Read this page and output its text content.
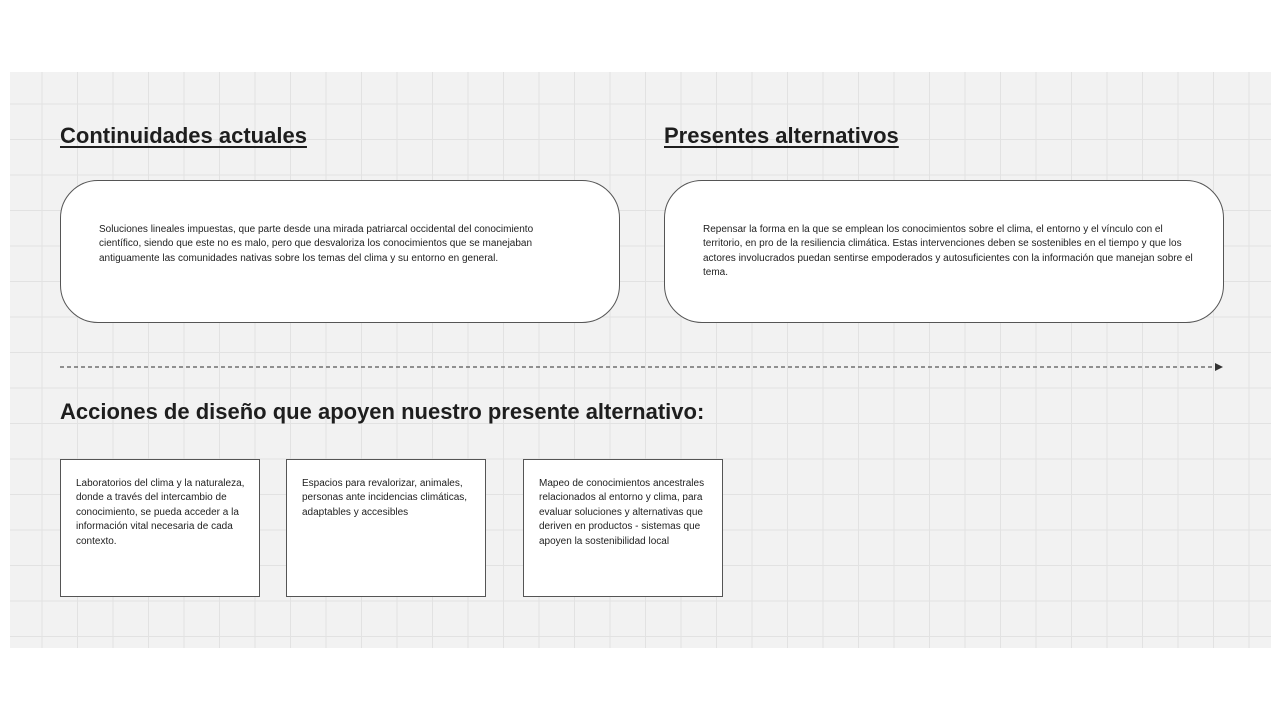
Continuidades actuales	Presentes alternativos

Soluciones lineales impuestas, que parte desde una mirada patriarcal occidental del conocimiento científico, siendo que este no es malo, pero que desvaloriza los conocimientos que se manejaban antiguamente las comunidades nativas sobre los temas del clima y su entorno en general.

Repensar la forma en la que se emplean los conocimientos sobre el clima, el entorno y el vínculo con el territorio, en pro de la resiliencia climática. Estas intervenciones deben se sostenibles en el tiempo y que los actores involucrados puedan sentirse empoderados y autosuficientes con la información que manejan sobre el tema.

Acciones de diseño que apoyen nuestro presente alternativo:

Laboratorios del clima y la naturaleza, donde a través del intercambio de conocimiento, se pueda acceder a la información vital necesaria de cada contexto.

Espacios para revalorizar, animales, personas ante incidencias climáticas, adaptables y accesibles

Mapeo de conocimientos ancestrales relacionados al entorno y clima, para evaluar soluciones y alternativas que deriven en productos - sistemas que apoyen la sostenibilidad local
